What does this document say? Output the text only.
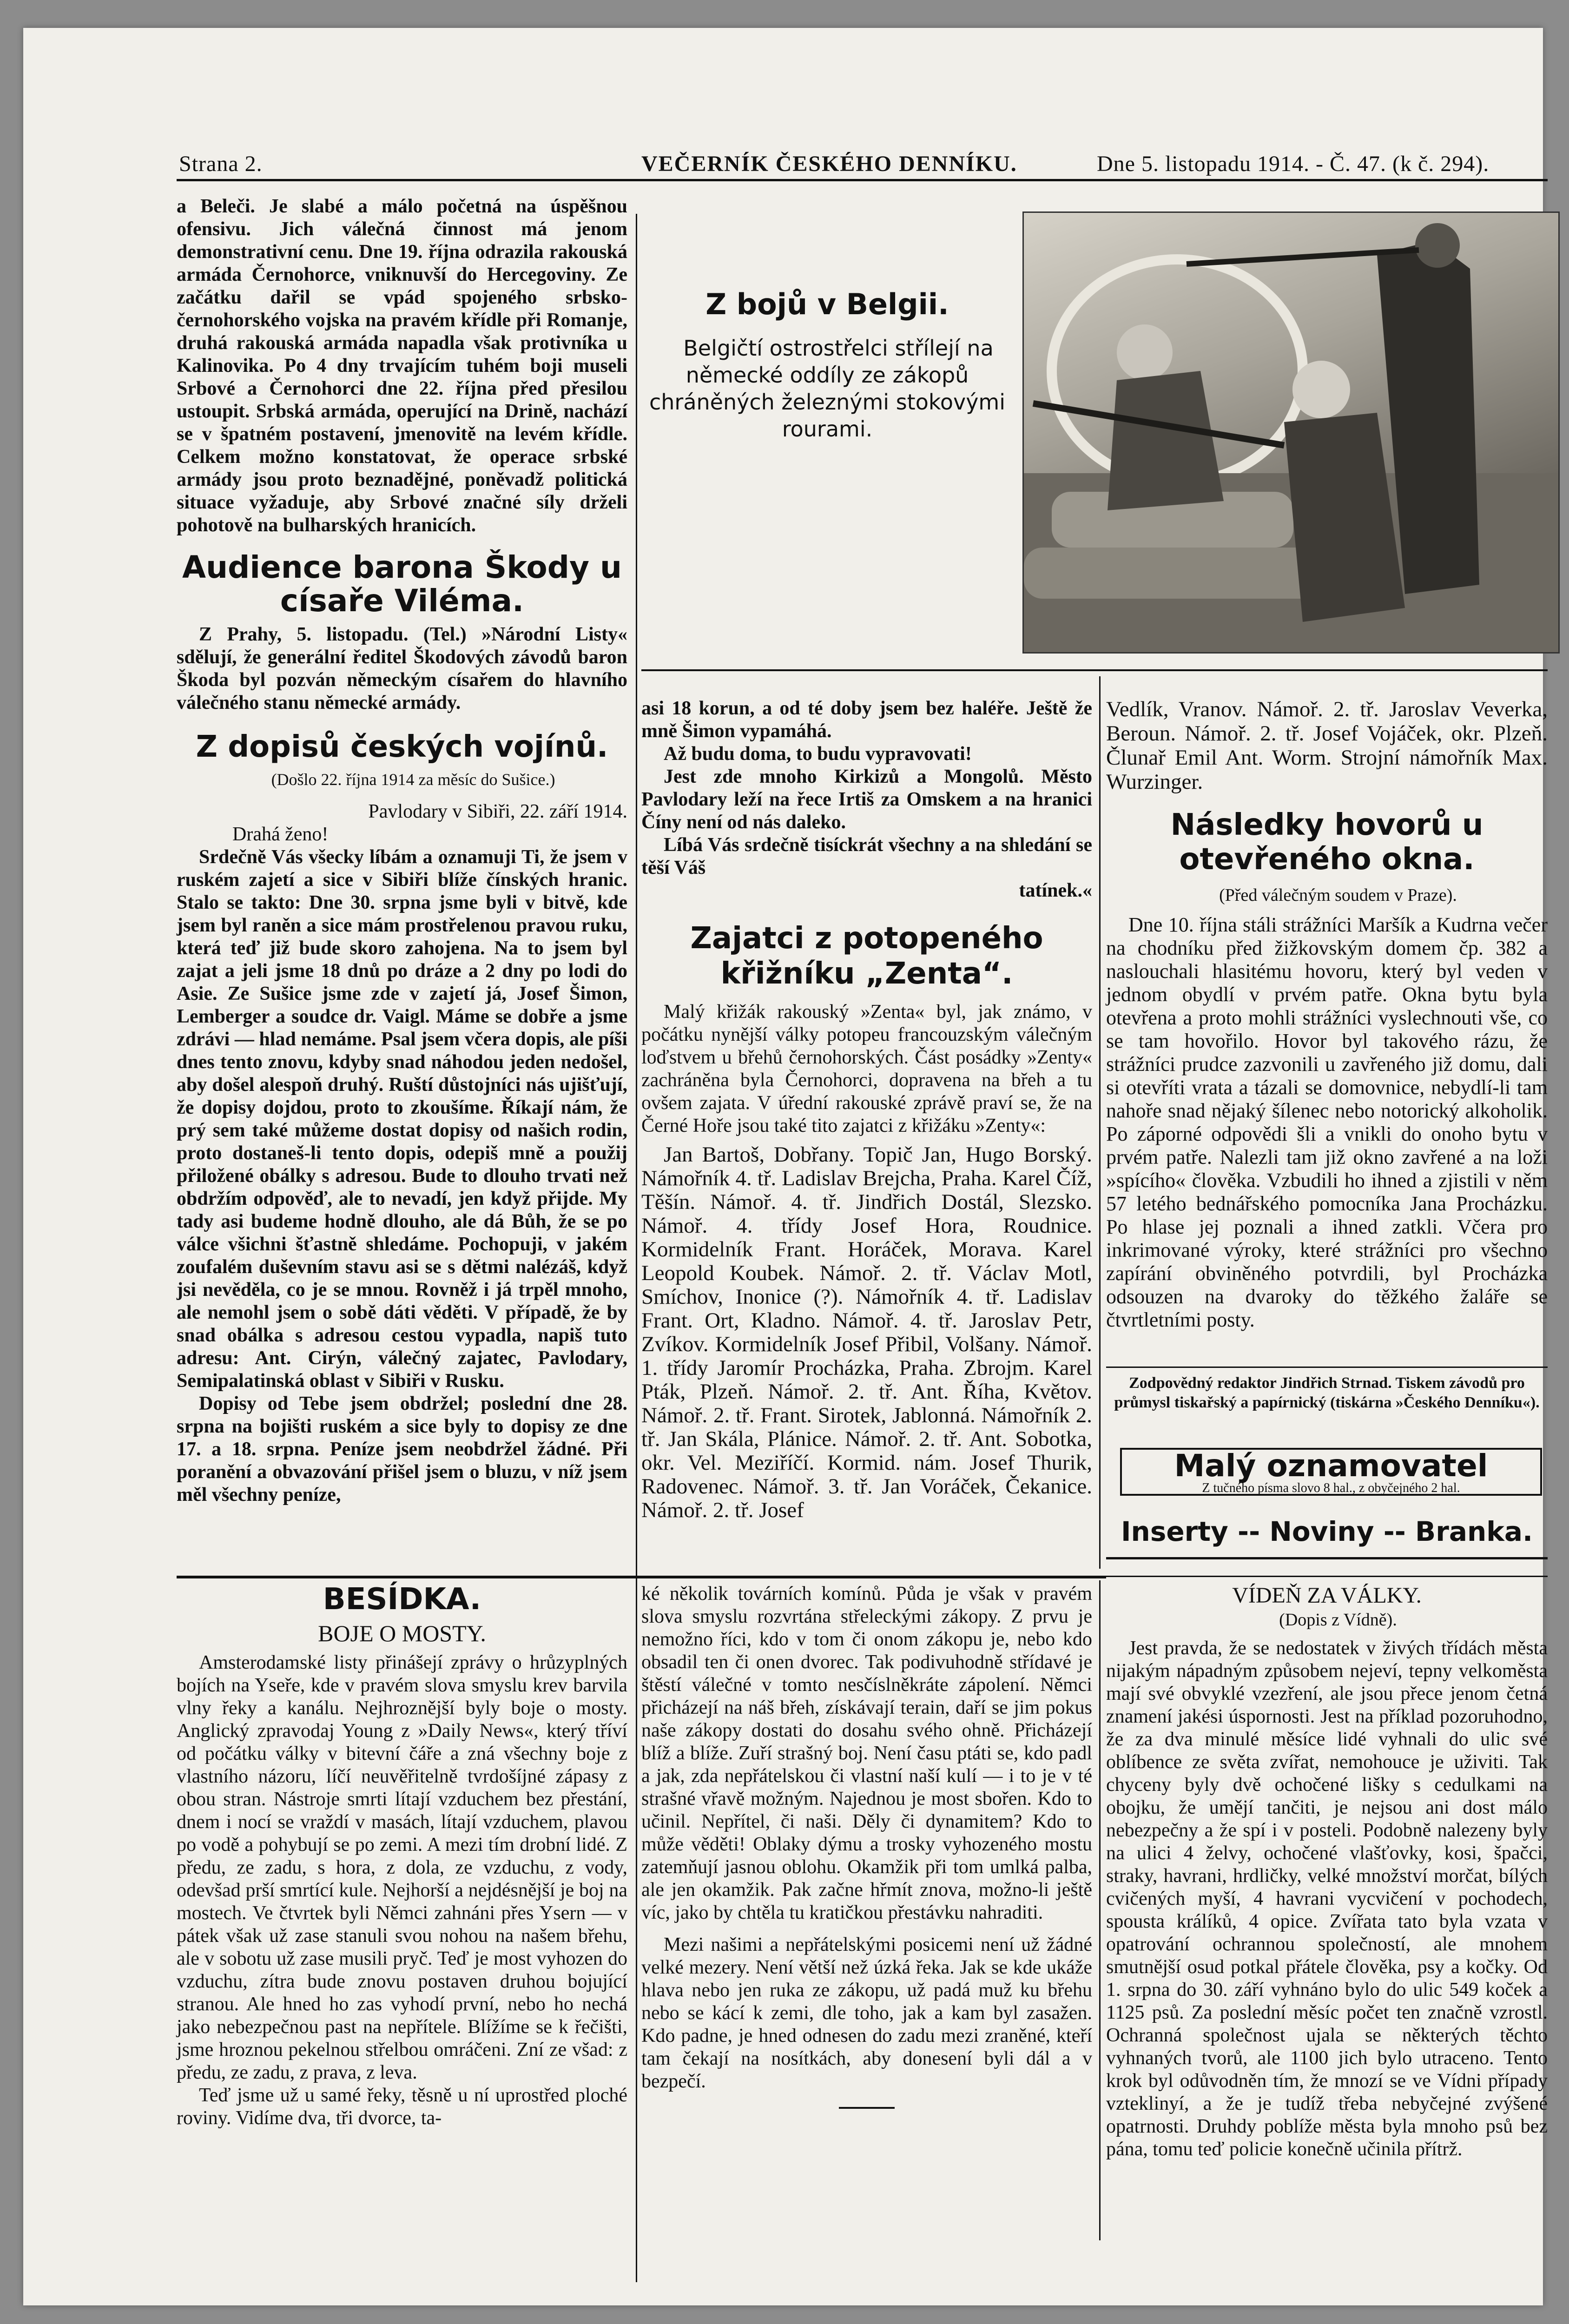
Strana 2.	VEČERNÍK ČESKÉHO DENNÍKU.	Dne 5. listopadu 1914. - Č. 47. (k č. 294).

a Beleči. Je slabé a málo početná na úspěšnou ofensivu. Jich válečná činnost má jenom demonstrativní cenu. Dne 19. října odrazila rakouská armáda Černohorce, vniknuvší do Hercegoviny. Ze začátku dařil se vpád spojeného srbsko-černohorského vojska na pravém křídle při Romanje, druhá rakouská armáda napadla však protivníka u Kalinovika. Po 4 dny trvajícím tuhém boji museli Srbové a Černohorci dne 22. října před přesilou ustoupit. Srbská armáda, operující na Drině, nachází se v špatném postavení, jmenovitě na levém křídle. Celkem možno konstatovat, že operace srbské armády jsou proto beznadějné, poněvadž politická situace vyžaduje, aby Srbové značné síly drželi pohotově na bulharských hranicích.

Audience barona Škody u císaře Viléma.

Z Prahy, 5. listopadu. (Tel.) »Národní Listy« sdělují, že generální ředitel Škodových závodů baron Škoda byl pozván německým císařem do hlavního válečného stanu německé armády.

Z dopisů českých vojínů.

(Došlo 22. října 1914 za měsíc do Sušice.)

Pavlodary v Sibiři, 22. září 1914.

Drahá ženo!

Srdečně Vás všecky líbám a oznamuji Ti, že jsem v ruském zajetí a sice v Sibiři blíže čínských hranic. Stalo se takto: Dne 30. srpna jsme byli v bitvě, kde jsem byl raněn a sice mám prostřelenou pravou ruku, která teď již bude skoro zahojena. Na to jsem byl zajat a jeli jsme 18 dnů po dráze a 2 dny po lodi do Asie. Ze Sušice jsme zde v zajetí já, Josef Šimon, Lemberger a soudce dr. Vaigl. Máme se dobře a jsme zdrávi — hlad nemáme. Psal jsem včera dopis, ale píši dnes tento znovu, kdyby snad náhodou jeden nedošel, aby došel alespoň druhý. Ruští důstojníci nás ujišťují, že dopisy dojdou, proto to zkoušíme. Říkají nám, že prý sem také můžeme dostat dopisy od našich rodin, proto dostaneš-li tento dopis, odepiš mně a použij přiložené obálky s adresou. Bude to dlouho trvati než obdržím odpověď, ale to nevadí, jen když přijde. My tady asi budeme hodně dlouho, ale dá Bůh, že se po válce všichni šťastně shledáme. Pochopuji, v jakém zoufalém duševním stavu asi se s dětmi nalézáš, když jsi nevěděla, co je se mnou. Rovněž i já trpěl mnoho, ale nemohl jsem o sobě dáti věděti. V případě, že by snad obálka s adresou cestou vypadla, napiš tuto adresu: Ant. Cirýn, válečný zajatec, Pavlodary, Semipalatinská oblast v Sibiři v Rusku.

Dopisy od Tebe jsem obdržel; poslední dne 28. srpna na bojišti ruském a sice byly to dopisy ze dne 17. a 18. srpna. Peníze jsem neobdržel žádné. Při poranění a obvazování přišel jsem o bluzu, v níž jsem měl všechny peníze,

Z bojů v Belgii.

Belgičtí ostrostřelci střílejí na německé oddíly ze zákopů chráněných železnými stokovými rourami.

asi 18 korun, a od té doby jsem bez haléře. Ještě že mně Šimon vypamáhá.

Až budu doma, to budu vypravovati!

Jest zde mnoho Kirkizů a Mongolů. Město Pavlodary leží na řece Irtiš za Omskem a na hranici Číny není od nás daleko.

Líbá Vás srdečně tisíckrát všechny a na shledání se těší Váš

tatínek.«

Zajatci z potopeného křižníku „Zenta“.

Malý křižák rakouský »Zenta« byl, jak známo, v počátku nynější války potopeu francouzským válečným loďstvem u břehů černohorských. Část posádky »Zenty« zachráněna byla Černohorci, dopravena na břeh a tu ovšem zajata. V úřední rakouské zprávě praví se, že na Černé Hoře jsou také tito zajatci z křižáku »Zenty«:

Jan Bartoš, Dobřany. Topič Jan, Hugo Borský. Námořník 4. tř. Ladislav Brejcha, Praha. Karel Číž, Těšín. Námoř. 4. tř. Jindřich Dostál, Slezsko. Námoř. 4. třídy Josef Hora, Roudnice. Kormidelník Frant. Horáček, Morava. Karel Leopold Koubek. Námoř. 2. tř. Václav Motl, Smíchov, Inonice (?). Námořník 4. tř. Ladislav Frant. Ort, Kladno. Námoř. 4. tř. Jaroslav Petr, Zvíkov. Kormidelník Josef Přibil, Volšany. Námoř. 1. třídy Jaromír Procházka, Praha. Zbrojm. Karel Pták, Plzeň. Námoř. 2. tř. Ant. Říha, Květov. Námoř. 2. tř. Frant. Sirotek, Jablonná. Námořník 2. tř. Jan Skála, Plánice. Námoř. 2. tř. Ant. Sobotka, okr. Vel. Meziříčí. Kormid. nám. Josef Thurik, Radovenec. Námoř. 3. tř. Jan Voráček, Čekanice. Námoř. 2. tř. Josef

Vedlík, Vranov. Námoř. 2. tř. Jaroslav Veverka, Beroun. Námoř. 2. tř. Josef Vojáček, okr. Plzeň. Člunař Emil Ant. Worm. Strojní námořník Max. Wurzinger.

Následky hovorů u otevřeného okna.

(Před válečným soudem v Praze).

Dne 10. října stáli strážníci Maršík a Kudrna večer na chodníku před žižkovským domem čp. 382 a naslouchali hlasitému hovoru, který byl veden v jednom obydlí v prvém patře. Okna bytu byla otevřena a proto mohli strážníci vyslechnouti vše, co se tam hovořilo. Hovor byl takového rázu, že strážníci prudce zazvonili u zavřeného již domu, dali si otevříti vrata a tázali se domovnice, nebydlí-li tam nahoře snad nějaký šílenec nebo notorický alkoholik. Po záporné odpovědi šli a vnikli do onoho bytu v prvém patře. Nalezli tam již okno zavřené a na loži »spícího« člověka. Vzbudili ho ihned a zjistili v něm 57 letého bednářského pomocníka Jana Procházku. Po hlase jej poznali a ihned zatkli. Včera pro inkrimované výroky, které strážníci pro všechno zapírání obviněného potvrdili, byl Procházka odsouzen na dvaroky do těžkého žaláře se čtvrtletními posty.

Zodpovědný redaktor Jindřich Strnad. Tiskem závodů pro průmysl tiskařský a papírnický (tiskárna »Českého Denníku«).

Malý oznamovatel
Z tučného písma slovo 8 hal., z obyčejného 2 hal.
Inserty -- Noviny -- Branka.
BESÍDKA.
BOJE O MOSTY.

Amsterodamské listy přinášejí zprávy o hrůzyplných bojích na Yseře, kde v pravém slova smyslu krev barvila vlny řeky a kanálu. Nejhroznější byly boje o mosty. Anglický zpravodaj Young z »Daily News«, který tříví od počátku války v bitevní čáře a zná všechny boje z vlastního názoru, líčí neuvěřitelně tvrdošíjné zápasy z obou stran. Nástroje smrti lítají vzduchem bez přestání, dnem i nocí se vraždí v masách, lítají vzduchem, plavou po vodě a pohybují se po zemi. A mezi tím drobní lidé. Z předu, ze zadu, s hora, z dola, ze vzduchu, z vody, odevšad prší smrtící kule. Nejhorší a nejdésnější je boj na mostech. Ve čtvrtek byli Němci zahnáni přes Ysern — v pátek však už zase stanuli svou nohou na našem břehu, ale v sobotu už zase musili pryč. Teď je most vyhozen do vzduchu, zítra bude znovu postaven druhou bojující stranou. Ale hned ho zas vyhodí první, nebo ho nechá jako nebezpečnou past na nepřítele. Blížíme se k řečišti, jsme hroznou pekelnou střelbou omráčeni. Zní ze všad: z předu, ze zadu, z prava, z leva.

Teď jsme už u samé řeky, těsně u ní uprostřed ploché roviny. Vidíme dva, tři dvorce, ta-

ké několik továrních komínů. Půda je však v pravém slova smyslu rozvrtána střeleckými zákopy. Z prvu je nemožno říci, kdo v tom či onom zákopu je, nebo kdo obsadil ten či onen dvorec. Tak podivuhodně střídavé je štěstí válečné v tomto nesčíslněkráte zápolení. Němci přicházejí na náš břeh, získávají terain, daří se jim pokus naše zákopy dostati do dosahu svého ohně. Přicházejí blíž a blíže. Zuří strašný boj. Není času ptáti se, kdo padl a jak, zda nepřátelskou či vlastní naší kulí — i to je v té strašné vřavě možným. Najednou je most sbořen. Kdo to učinil. Nepřítel, či naši. Děly či dynamitem? Kdo to může věděti! Oblaky dýmu a trosky vyhozeného mostu zatemňují jasnou oblohu. Okamžik při tom umlká palba, ale jen okamžik. Pak začne hřmít znova, možno-li ještě víc, jako by chtěla tu kratičkou přestávku nahraditi.

Mezi našimi a nepřátelskými posicemi není už žádné velké mezery. Není větší než úzká řeka. Jak se kde ukáže hlava nebo jen ruka ze zákopu, už padá muž ku břehu nebo se kácí k zemi, dle toho, jak a kam byl zasažen. Kdo padne, je hned odnesen do zadu mezi zraněné, kteří tam čekají na nosítkách, aby donesení byli dál a v bezpečí.

VÍDEŇ ZA VÁLKY.

(Dopis z Vídně).

Jest pravda, že se nedostatek v živých třídách města nijakým nápadným způsobem nejeví, tepny velkoměsta mají své obvyklé vzezření, ale jsou přece jenom četná znamení jakési úspornosti. Jest na příklad pozoruhodno, že za dva minulé měsíce lidé vyhnali do ulic své oblíbence ze světa zvířat, nemohouce je uživiti. Tak chyceny byly dvě ochočené lišky s cedulkami na obojku, že umějí tančiti, je nejsou ani dost málo nebezpečny a že spí i v posteli. Podobně nalezeny byly na ulici 4 želvy, ochočené vlašťovky, kosi, špačci, straky, havrani, hrdličky, velké množství morčat, bílých cvičených myší, 4 havrani vycvičení v pochodech, spousta králíků, 4 opice. Zvířata tato byla vzata v opatrování ochrannou společností, ale mnohem smutnější osud potkal přátele člověka, psy a kočky. Od 1. srpna do 30. září vyhnáno bylo do ulic 549 koček a 1125 psů. Za poslední měsíc počet ten značně vzrostl. Ochranná společnost ujala se některých těchto vyhnaných tvorů, ale 1100 jich bylo utraceno. Tento krok byl odůvodněn tím, že mnozí se ve Vídni případy vzteklinyí, a že je tudíž třeba nebyčejné zvýšené opatrnosti. Druhdy poblíže města byla mnoho psů bez pána, tomu teď policie konečně učinila přítrž.
